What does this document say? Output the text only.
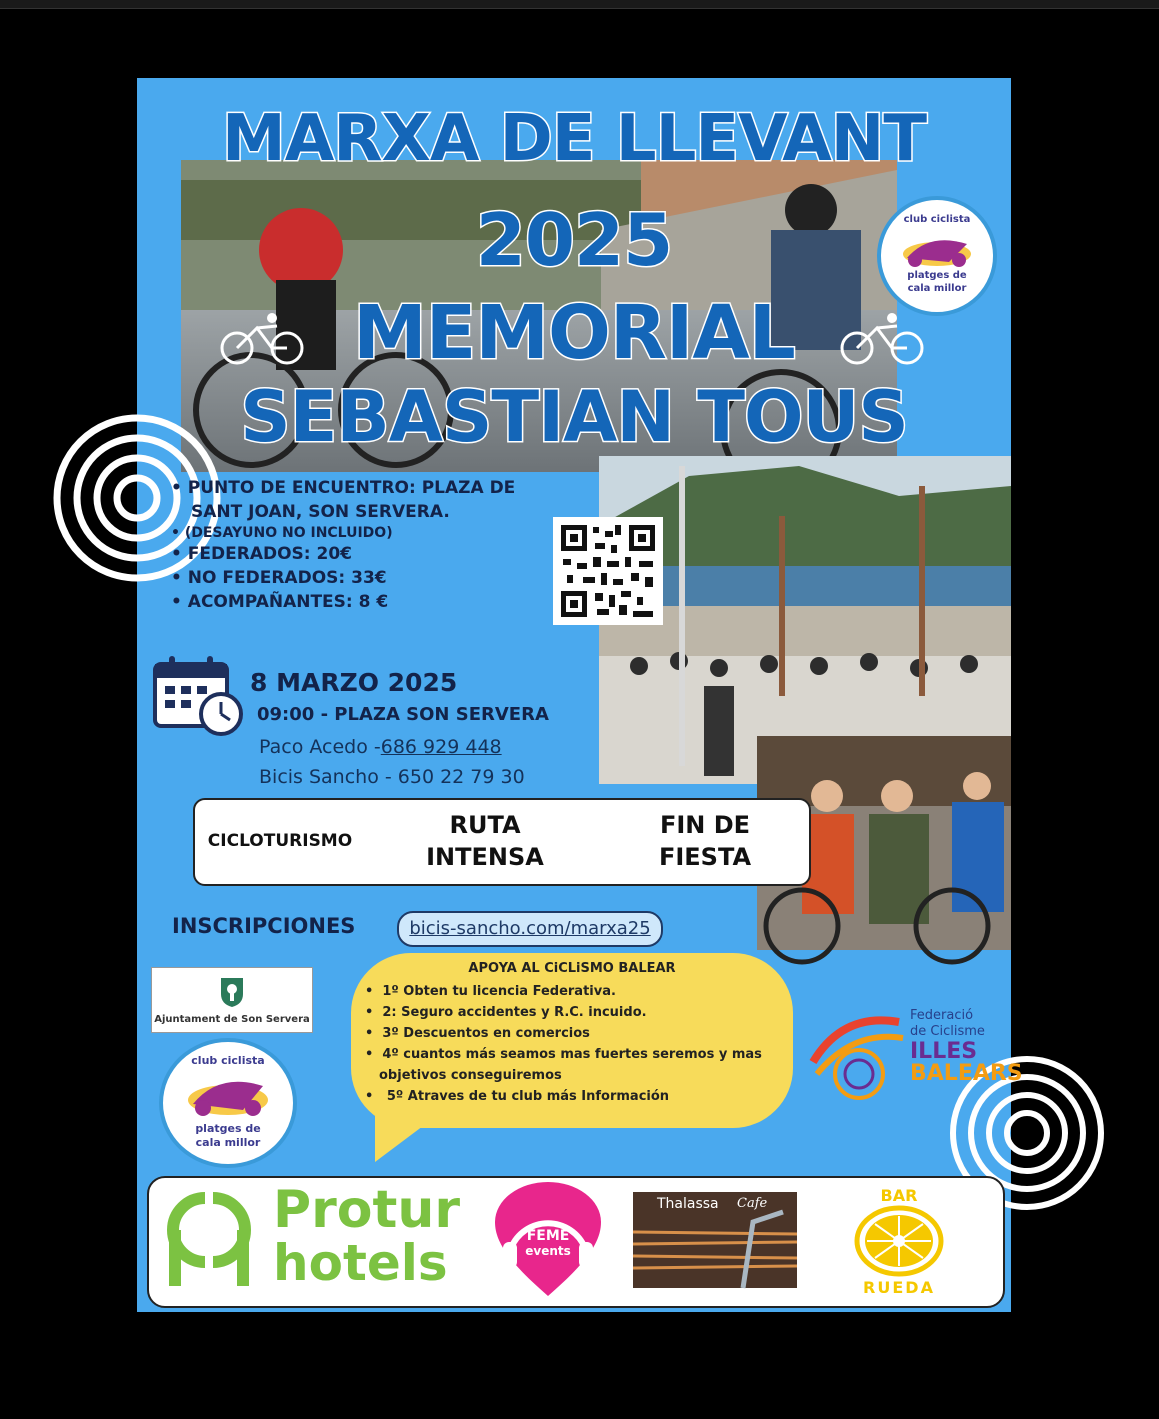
MARXA DE LLEVANT
2025
MEMORIAL
SEBASTIAN TOUS
club ciclista
platges de
cala millor
• PUNTO DE ENCUENTRO: PLAZA DE
SANT JOAN, SON SERVERA.
• (DESAYUNO NO INCLUIDO)
• FEDERADOS: 20€
• NO FEDERADOS: 33€
• ACOMPAÑANTES: 8 €
8 MARZO 2025
09:00 - PLAZA SON SERVERA
Paco Acedo -686 929 448
Bicis Sancho - 650 22 79 30
CICLOTURISMO
RUTA
INTENSA
FIN DE
FIESTA
INSCRIPCIONES	bicis-sancho.com/marxa25
APOYA AL CiCLiSMO BALEAR
•  1º Obten tu licencia Federativa.
•  2: Seguro accidentes y R.C. incuido.
•  3º Descuentos en comercios
•  4º cuantos más seamos mas fuertes seremos y mas
objetivos conseguiremos
•   5º Atraves de tu club más Información
Ajuntament de Son Servera
club ciclista
platges de
cala millor
Federació
de Ciclisme
ILLES
BALEARS
Protur
hotels	FEME
events
Thalassa Cafe	BAR
RUEDA
